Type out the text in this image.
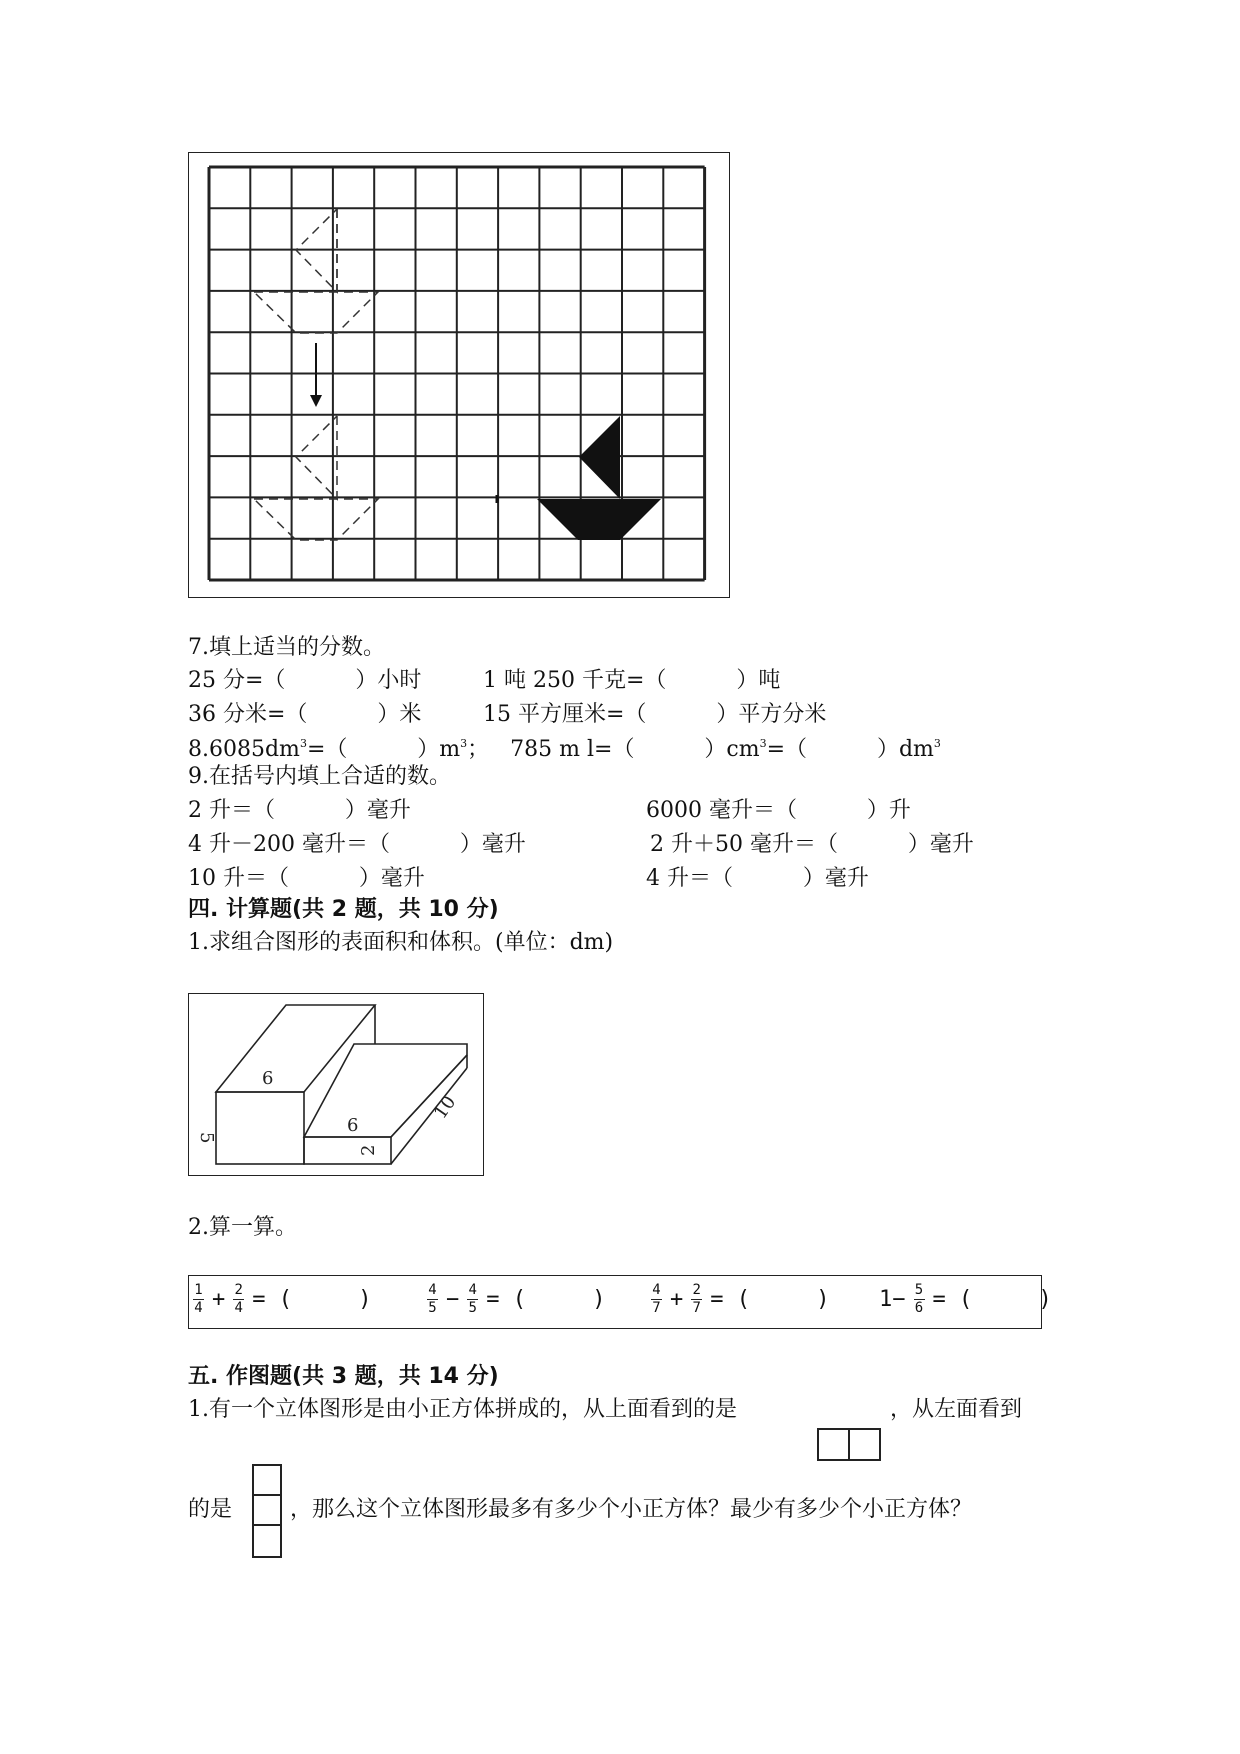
7.填上适当的分数。
25 分=（          ）小时	1 吨 250 千克=（          ）吨
36 分米=（          ）米	15 平方厘米=（          ）平方分米
$8.6085dm^3=$（          ）$m^3$；   785 m l=（          ）$cm^3=$（          ）$dm^3$
9.在括号内填上合适的数。
2 升＝（          ）毫升	6000 毫升＝（          ）升
4 升－200 毫升＝（          ）毫升	2 升＋50 毫升＝（          ）毫升
10 升＝（          ）毫升	4 升＝（          ）毫升
四. 计算题(共 2 题，共 10 分)
1.求组合图形的表面积和体积。(单位：dm)
6
5
6
2
10
2.算一算。
$\frac{1}{4} + \frac{2}{4}$ = (     )	$\frac{4}{5} - \frac{4}{5}$ = (     )	$\frac{4}{7} + \frac{2}{7}$ = (     ) $1- \frac{5}{6}$ = (     )
五. 作图题(共 3 题，共 14 分)
1.有一个立体图形是由小正方体拼成的，从上面看到的是	，从左面看到
的是	，那么这个立体图形最多有多少个小正方体？最少有多少个小正方体？
